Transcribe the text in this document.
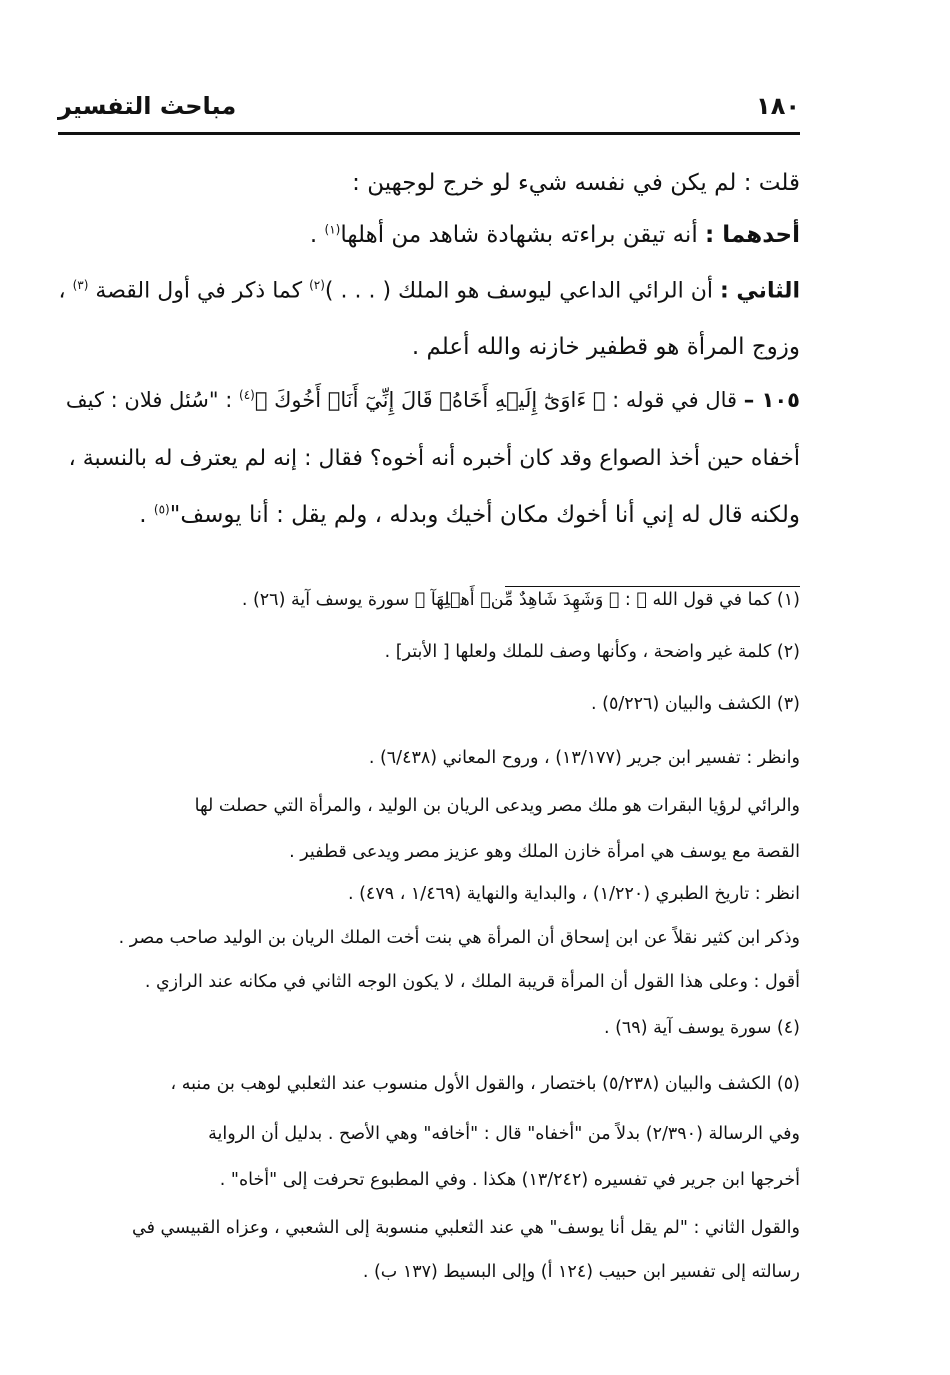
١٨٠
مباحث التفسير
قلت : لم يكن في نفسه شيء لو خرج لوجهين :
أحدهما : أنه تيقن براءته بشهادة شاهد من أهلها$^{(١)}$ .
الثاني : أن الرائي الداعي ليوسف هو الملك ( . . . )$^{(٢)}$ كما ذكر في أول القصة $^{(٣)}$ ،
وزوج المرأة هو قطفير خازنه والله أعلم .
١٠٥ – قال في قوله : ﴿ ءَاوَىٰٓ إِلَيۡهِ أَخَاهُۖ قَالَ إِنِّيٓ أَنَا۠ أَخُوكَ ﴾$^{(٤)}$ : "سُئل فلان : كيف
أخفاه حين أخذ الصواع وقد كان أخبره أنه أخوه؟ فقال : إنه لم يعترف له بالنسبة ،
ولكنه قال له إني أنا أخوك مكان أخيك وبدله ، ولم يقل : أنا يوسف"$^{(٥)}$ .
(١) كما في قول الله ﷻ : ﴿ وَشَهِدَ شَاهِدٌ مِّنۡ أَهۡلِهَآ ﴾ سورة يوسف آية (٢٦) .
(٢) كلمة غير واضحة ، وكأنها وصف للملك ولعلها [ الأبتر] .
(٣) الكشف والبيان (٥/٢٢٦) .
وانظر : تفسير ابن جرير (١٣/١٧٧) ، وروح المعاني (٦/٤٣٨) .
والرائي لرؤيا البقرات هو ملك مصر ويدعى الريان بن الوليد ، والمرأة التي حصلت لها
القصة مع يوسف هي امرأة خازن الملك وهو عزيز مصر ويدعى قطفير .
انظر : تاريخ الطبري (١/٢٢٠) ، والبداية والنهاية (١/٤٦٩ ، ٤٧٩) .
وذكر ابن كثير نقلاً عن ابن إسحاق أن المرأة هي بنت أخت الملك الريان بن الوليد صاحب مصر .
أقول : وعلى هذا القول أن المرأة قريبة الملك ، لا يكون الوجه الثاني في مكانه عند الرازي .
(٤) سورة يوسف آية (٦٩) .
(٥) الكشف والبيان (٥/٢٣٨) باختصار ، والقول الأول منسوب عند الثعلبي لوهب بن منبه ،
وفي الرسالة (٢/٣٩٠) بدلاً من "أخفاه" قال : "أخافه" وهي الأصح . بدليل أن الرواية
أخرجها ابن جرير في تفسيره (١٣/٢٤٢) هكذا . وفي المطبوع تحرفت إلى "أخاه" .
والقول الثاني : "لم يقل أنا يوسف" هي عند الثعلبي منسوبة إلى الشعبي ، وعزاه القبيسي في
رسالته إلى تفسير ابن حبيب (١٢٤ أ) وإلى البسيط (١٣٧ ب) .
